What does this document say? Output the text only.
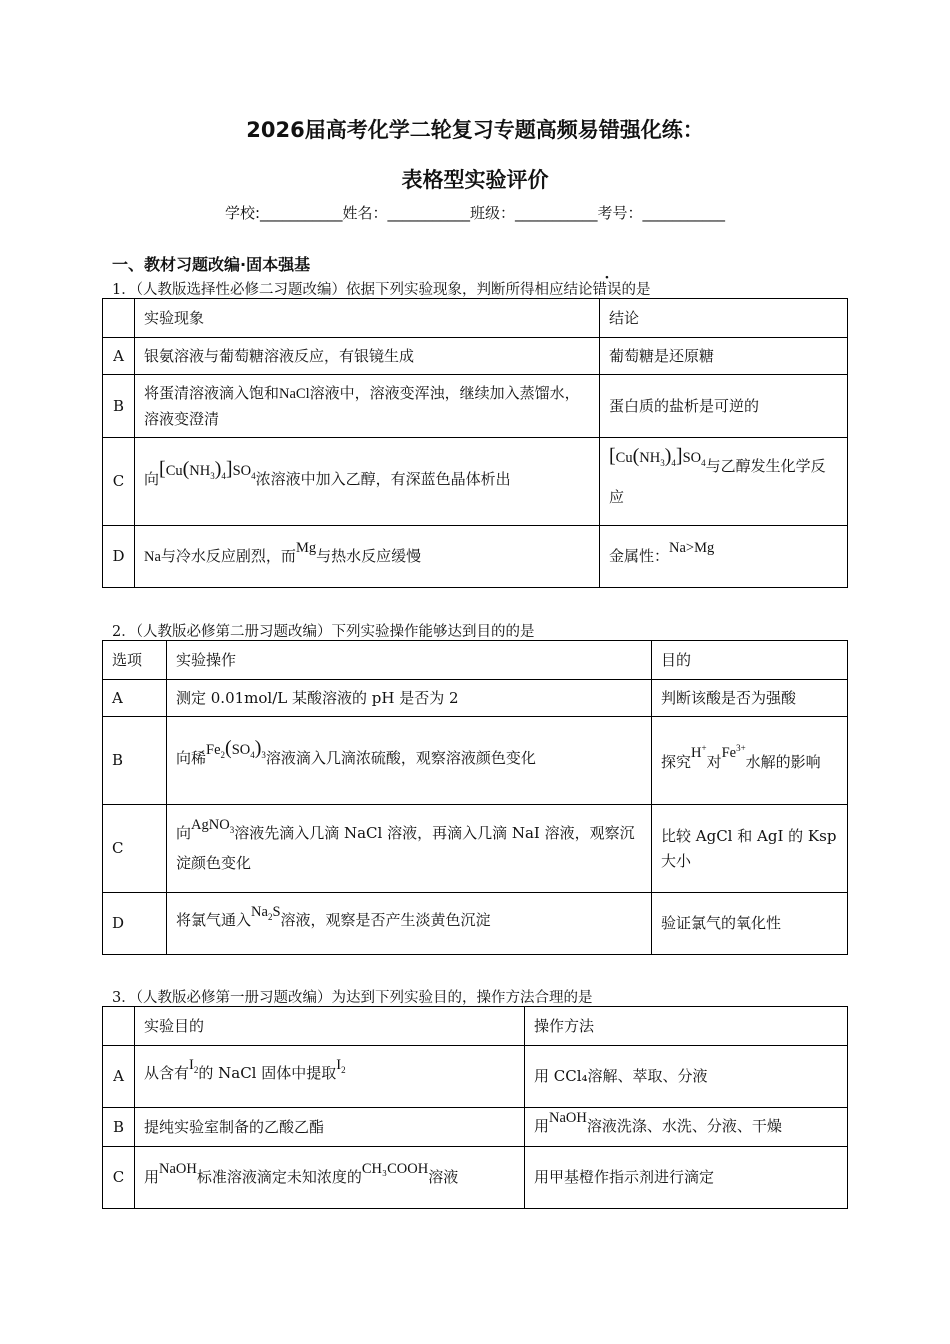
2026届高考化学二轮复习专题高频易错强化练：
表格型实验评价
学校:___________姓名：___________班级：___________考号：___________
一、教材习题改编·固本强基
1．（人教版选择性必修二习题改编）依据下列实验现象，判断所得相应结论错误的是
	实验现象	结论
A	银氨溶液与葡萄糖溶液反应，有银镜生成	葡萄糖是还原糖
B	将蛋清溶液滴入饱和NaCl溶液中，溶液变浑浊，继续加入蒸馏水，溶液变澄清	蛋白质的盐析是可逆的
C	向$[Cu(NH_3)_4]SO_4$浓溶液中加入乙醇，有深蓝色晶体析出	$[Cu(NH_3)_4]SO_4$与乙醇发生化学反应
D	Na与冷水反应剧烈，而Mg与热水反应缓慢	金属性：Na>Mg
2．（人教版必修第二册习题改编）下列实验操作能够达到目的的是
选项	实验操作	目的
A	测定 0.01mol/L 某酸溶液的 pH 是否为 2	判断该酸是否为强酸
B	向稀$Fe_2(SO_4)_3$溶液滴入几滴浓硫酸，观察溶液颜色变化	探究H+对$Fe^{3+}$水解的影响
C	向AgNO$_3$溶液先滴入几滴 NaCl 溶液，再滴入几滴 NaI 溶液，观察沉淀颜色变化	比较 AgCl 和 AgI 的 Ksp 大小
D	将氯气通入$Na_2S$溶液，观察是否产生淡黄色沉淀	验证氯气的氧化性
3．（人教版必修第一册习题改编）为达到下列实验目的，操作方法合理的是
	实验目的	操作方法
A	从含有$I_2$的 NaCl 固体中提取$I_2$	用 CCl₄溶解、萃取、分液
B	提纯实验室制备的乙酸乙酯	用NaOH溶液洗涤、水洗、分液、干燥
C	用NaOH标准溶液滴定未知浓度的CH₃COOH溶液	用甲基橙作指示剂进行滴定
